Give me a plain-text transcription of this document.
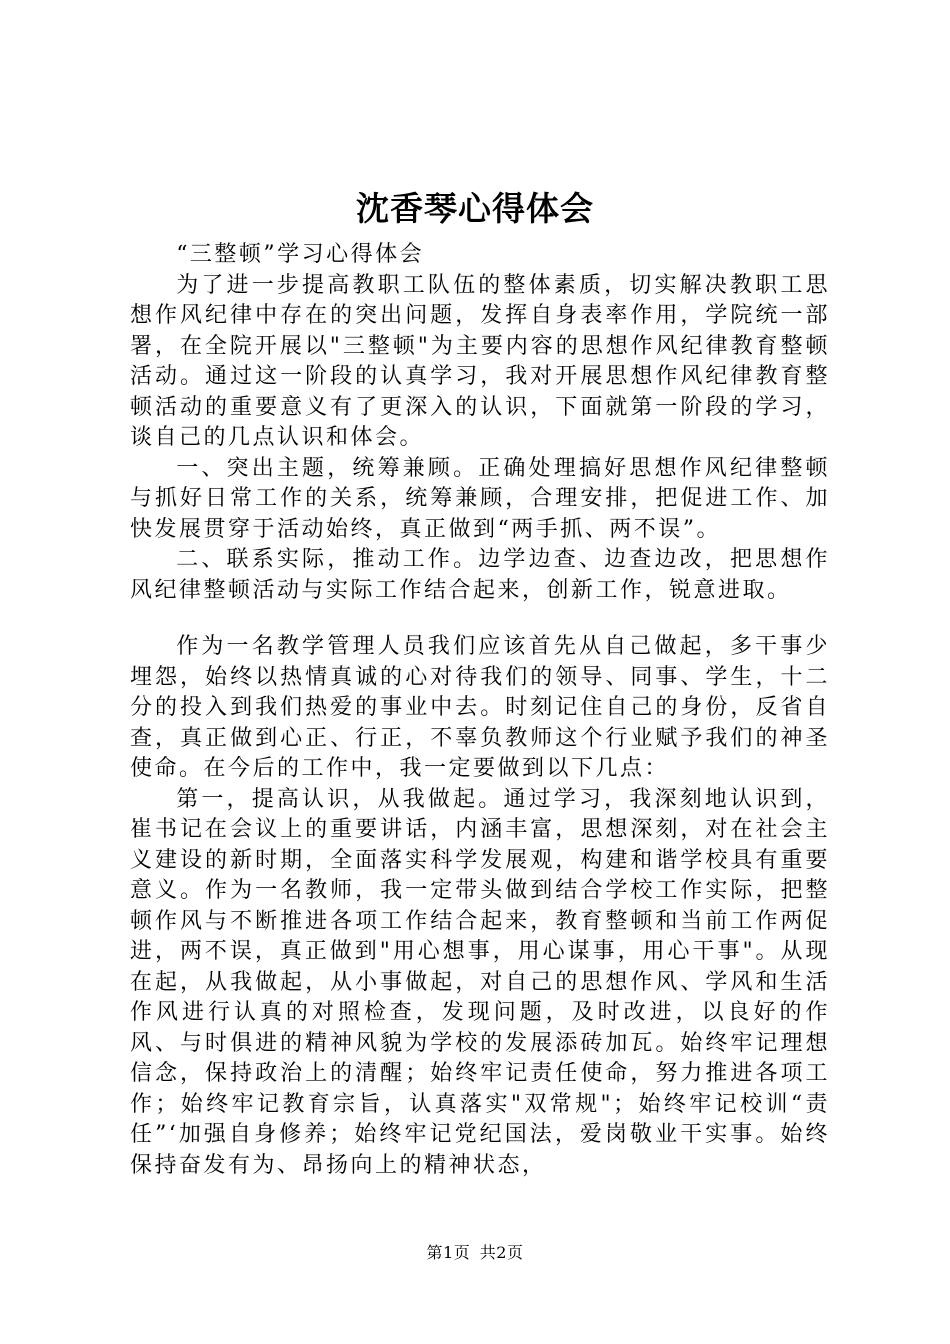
沈香琴心得体会

“三整顿”学习心得体会

为了进一步提高教职工队伍的整体素质，切实解决教职工思想作风纪律中存在的突出问题，发挥自身表率作用，学院统一部署，在全院开展以"三整顿"为主要内容的思想作风纪律教育整顿活动。通过这一阶段的认真学习，我对开展思想作风纪律教育整顿活动的重要意义有了更深入的认识，下面就第一阶段的学习，谈自己的几点认识和体会。

一、突出主题，统筹兼顾。正确处理搞好思想作风纪律整顿与抓好日常工作的关系，统筹兼顾，合理安排，把促进工作、加快发展贯穿于活动始终，真正做到“两手抓、两不误”。

二、联系实际，推动工作。边学边查、边查边改，把思想作风纪律整顿活动与实际工作结合起来，创新工作，锐意进取。

作为一名教学管理人员我们应该首先从自己做起，多干事少埋怨，始终以热情真诚的心对待我们的领导、同事、学生，十二分的投入到我们热爱的事业中去。时刻记住自己的身份，反省自查，真正做到心正、行正，不辜负教师这个行业赋予我们的神圣使命。在今后的工作中，我一定要做到以下几点：

第一，提高认识，从我做起。通过学习，我深刻地认识到，崔书记在会议上的重要讲话，内涵丰富，思想深刻，对在社会主义建设的新时期，全面落实科学发展观，构建和谐学校具有重要意义。作为一名教师，我一定带头做到结合学校工作实际，把整顿作风与不断推进各项工作结合起来，教育整顿和当前工作两促进，两不误，真正做到"用心想事，用心谋事，用心干事"。从现在起，从我做起，从小事做起，对自己的思想作风、学风和生活作风进行认真的对照检查，发现问题，及时改进，以良好的作风、与时俱进的精神风貌为学校的发展添砖加瓦。始终牢记理想信念，保持政治上的清醒；始终牢记责任使命，努力推进各项工作；始终牢记教育宗旨，认真落实"双常规"；始终牢记校训“责任”‘加强自身修养；始终牢记党纪国法，爱岗敬业干实事。始终保持奋发有为、昂扬向上的精神状态，

第1页 共2页
